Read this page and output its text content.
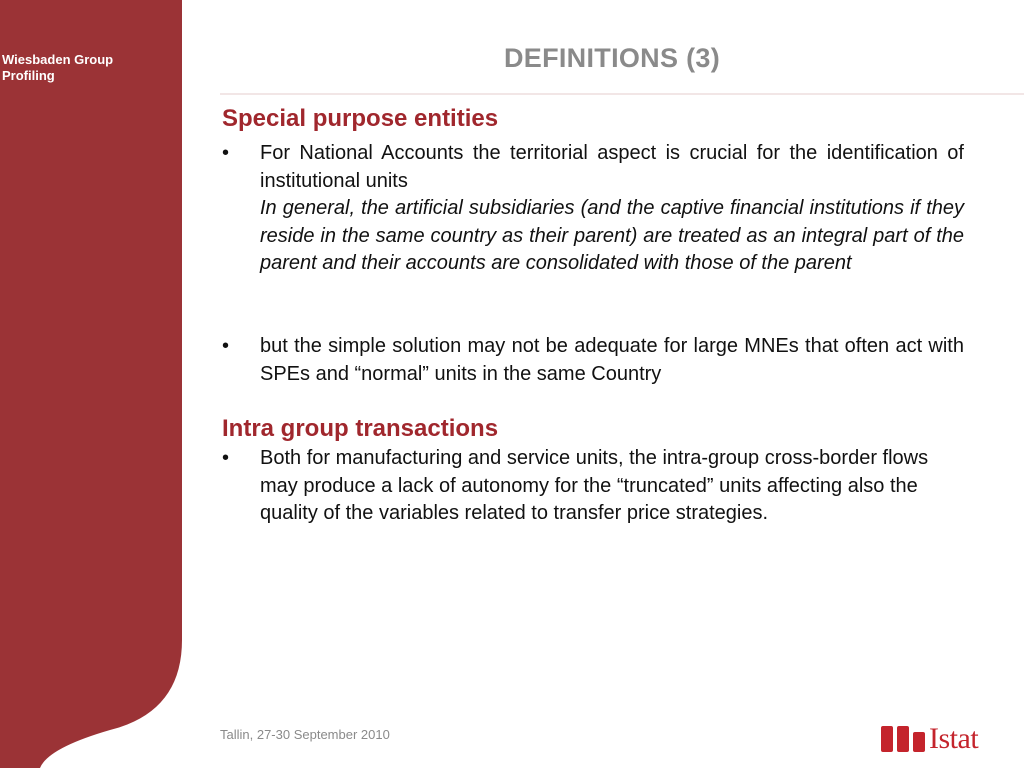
Wiesbaden Group
Profiling
DEFINITIONS (3)
Special purpose entities
•	For National Accounts the territorial aspect is crucial for the identification of institutional units
In general, the artificial subsidiaries (and the captive financial institutions if they reside in the same country as their parent) are treated as an integral part of the parent and their accounts are consolidated with those of the parent
•	but the simple solution may not be adequate for large MNEs that often act with SPEs and “normal” units in the same Country
Intra group transactions
•	Both for manufacturing and service units, the intra-group cross-border flows may produce a lack of autonomy for the “truncated” units affecting also the quality of the variables related to transfer price strategies.
Tallin, 27-30 September 2010	Istat
